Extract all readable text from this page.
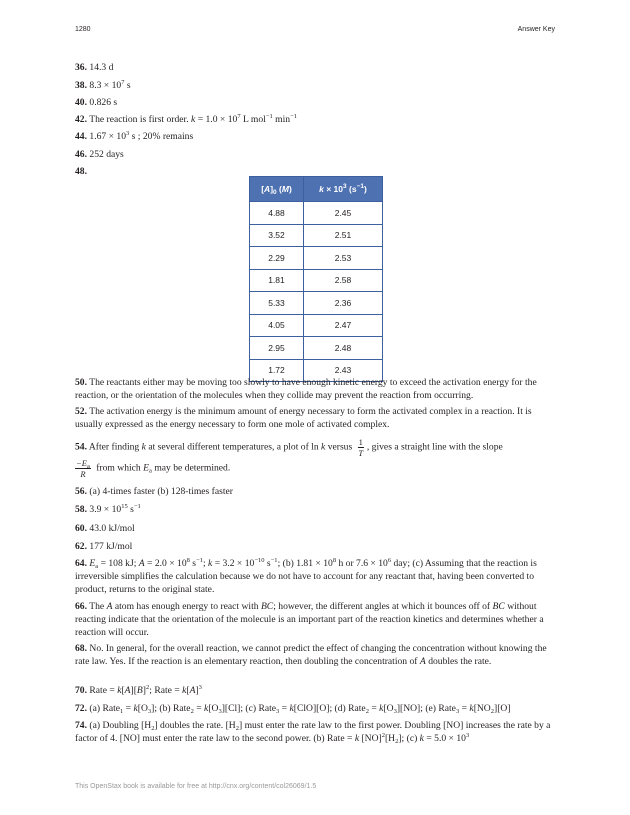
1280	Answer Key
36. 14.3 d
38. $8.3 \times 10^7$ s
40. 0.826 s
42. The reaction is first order. $k = 1.0 \times 10^7$ L mol$^{-1}$ $\min^{-1}$
44. $1.67 \times 10^3$ s ; 20% remains
46. 252 days
48.
$[A]_0$ (M)	$k \times 10^3$ $(s^{-1})$
4.88	2.45
3.52	2.51
2.29	2.53
1.81	2.58
5.33	2.36
4.05	2.47
2.95	2.48
1.72	2.43
50. The reactants either may be moving too slowly to have enough kinetic energy to exceed the activation energy for the reaction, or the orientation of the molecules when they collide may prevent the reaction from occurring.
52. The activation energy is the minimum amount of energy necessary to form the activated complex in a reaction. It is usually expressed as the energy necessary to form one mole of activated complex.
54. After finding k at several different temperatures, a plot of ln k versus $\frac{1}{T}$ , gives a straight line with the slope
$\frac{-E_a}{R}$ from which $E_a$ may be determined.
56. (a) 4-times faster (b) 128-times faster
58. $3.9 \times 10^{15}$ $s^{-1}$
60. 43.0 kJ/mol
62. 177 kJ/mol
64. $E_a = 108$ kJ; $A = 2.0 \times 10^8$ $s^{-1}$; $k = 3.2 \times 10^{-10}$ $s^{-1}$; (b) $1.81 \times 10^8$ h or $7.6 \times 10^6$ day; (c) Assuming that the reaction is irreversible simplifies the calculation because we do not have to account for any reactant that, having been converted to product, returns to the original state.
66. The A atom has enough energy to react with BC; however, the different angles at which it bounces off of BC without reacting indicate that the orientation of the molecule is an important part of the reaction kinetics and determines whether a reaction will occur.
68. No. In general, for the overall reaction, we cannot predict the effect of changing the concentration without knowing the rate law. Yes. If the reaction is an elementary reaction, then doubling the concentration of A doubles the rate.
70. Rate = $k[A][B]^2$; Rate = $k[A]^3$
72. (a) Rate$_1$ = $k[O_3]$; (b) Rate$_2$ = $k[O_3][Cl]$; (c) Rate$_3$ = k[ClO][O]; (d) Rate$_2$ = $k[O_3][NO]$; (e) Rate$_3$ = $k[NO_2][O]$
74. (a) Doubling $[H_2]$ doubles the rate. $[H_2]$ must enter the rate law to the first power. Doubling [NO] increases the rate by a factor of 4. [NO] must enter the rate law to the second power. (b) Rate = k $[NO]^2[H_2]$; (c) $k = 5.0 \times 10^3$
This OpenStax book is available for free at http://cnx.org/content/col26069/1.5
